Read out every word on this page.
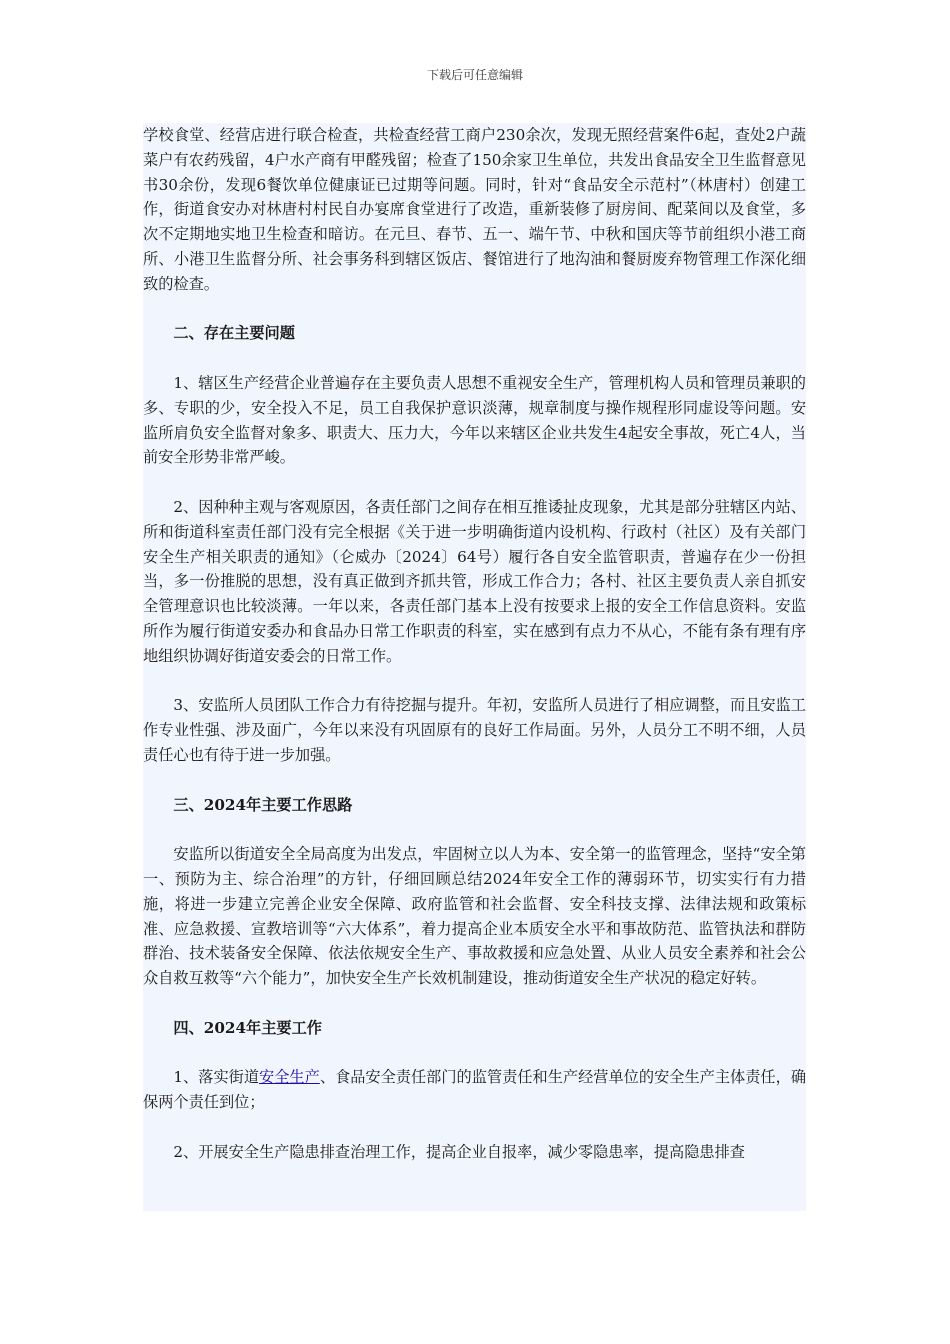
下载后可任意编辑

学校食堂、经营店进行联合检查，共检查经营工商户230余次，发现无照经营案件6起，查处2户蔬菜户有农药残留，4户水产商有甲醛残留；检查了150余家卫生单位，共发出食品安全卫生监督意见书30余份，发现6餐饮单位健康证已过期等问题。同时，针对“食品安全示范村”（林唐村）创建工作，街道食安办对林唐村村民自办宴席食堂进行了改造，重新装修了厨房间、配菜间以及食堂，多次不定期地实地卫生检查和暗访。在元旦、春节、五一、端午节、中秋和国庆等节前组织小港工商所、小港卫生监督分所、社会事务科到辖区饭店、餐馆进行了地沟油和餐厨废弃物管理工作深化细致的检查。

二、存在主要问题

1、辖区生产经营企业普遍存在主要负责人思想不重视安全生产，管理机构人员和管理员兼职的多、专职的少，安全投入不足，员工自我保护意识淡薄，规章制度与操作规程形同虚设等问题。安监所肩负安全监督对象多、职责大、压力大，今年以来辖区企业共发生4起安全事故，死亡4人，当前安全形势非常严峻。

2、因种种主观与客观原因，各责任部门之间存在相互推诿扯皮现象，尤其是部分驻辖区内站、所和街道科室责任部门没有完全根据《关于进一步明确街道内设机构、行政村（社区）及有关部门安全生产相关职责的通知》（仑威办〔2024〕64号）履行各自安全监管职责，普遍存在少一份担当，多一份推脱的思想，没有真正做到齐抓共管，形成工作合力；各村、社区主要负责人亲自抓安全管理意识也比较淡薄。一年以来，各责任部门基本上没有按要求上报的安全工作信息资料。安监所作为履行街道安委办和食品办日常工作职责的科室，实在感到有点力不从心，不能有条有理有序地组织协调好街道安委会的日常工作。

3、安监所人员团队工作合力有待挖掘与提升。年初，安监所人员进行了相应调整，而且安监工作专业性强、涉及面广，今年以来没有巩固原有的良好工作局面。另外，人员分工不明不细，人员责任心也有待于进一步加强。

三、2024年主要工作思路

安监所以街道安全全局高度为出发点，牢固树立以人为本、安全第一的监管理念，坚持“安全第一、预防为主、综合治理”的方针，仔细回顾总结2024年安全工作的薄弱环节，切实实行有力措施，将进一步建立完善企业安全保障、政府监管和社会监督、安全科技支撑、法律法规和政策标准、应急救援、宣教培训等“六大体系”，着力提高企业本质安全水平和事故防范、监管执法和群防群治、技术装备安全保障、依法依规安全生产、事故救援和应急处置、从业人员安全素养和社会公众自救互救等“六个能力”，加快安全生产长效机制建设，推动街道安全生产状况的稳定好转。

四、2024年主要工作

1、落实街道安全生产、食品安全责任部门的监管责任和生产经营单位的安全生产主体责任，确保两个责任到位；

2、开展安全生产隐患排查治理工作，提高企业自报率，减少零隐患率，提高隐患排查
